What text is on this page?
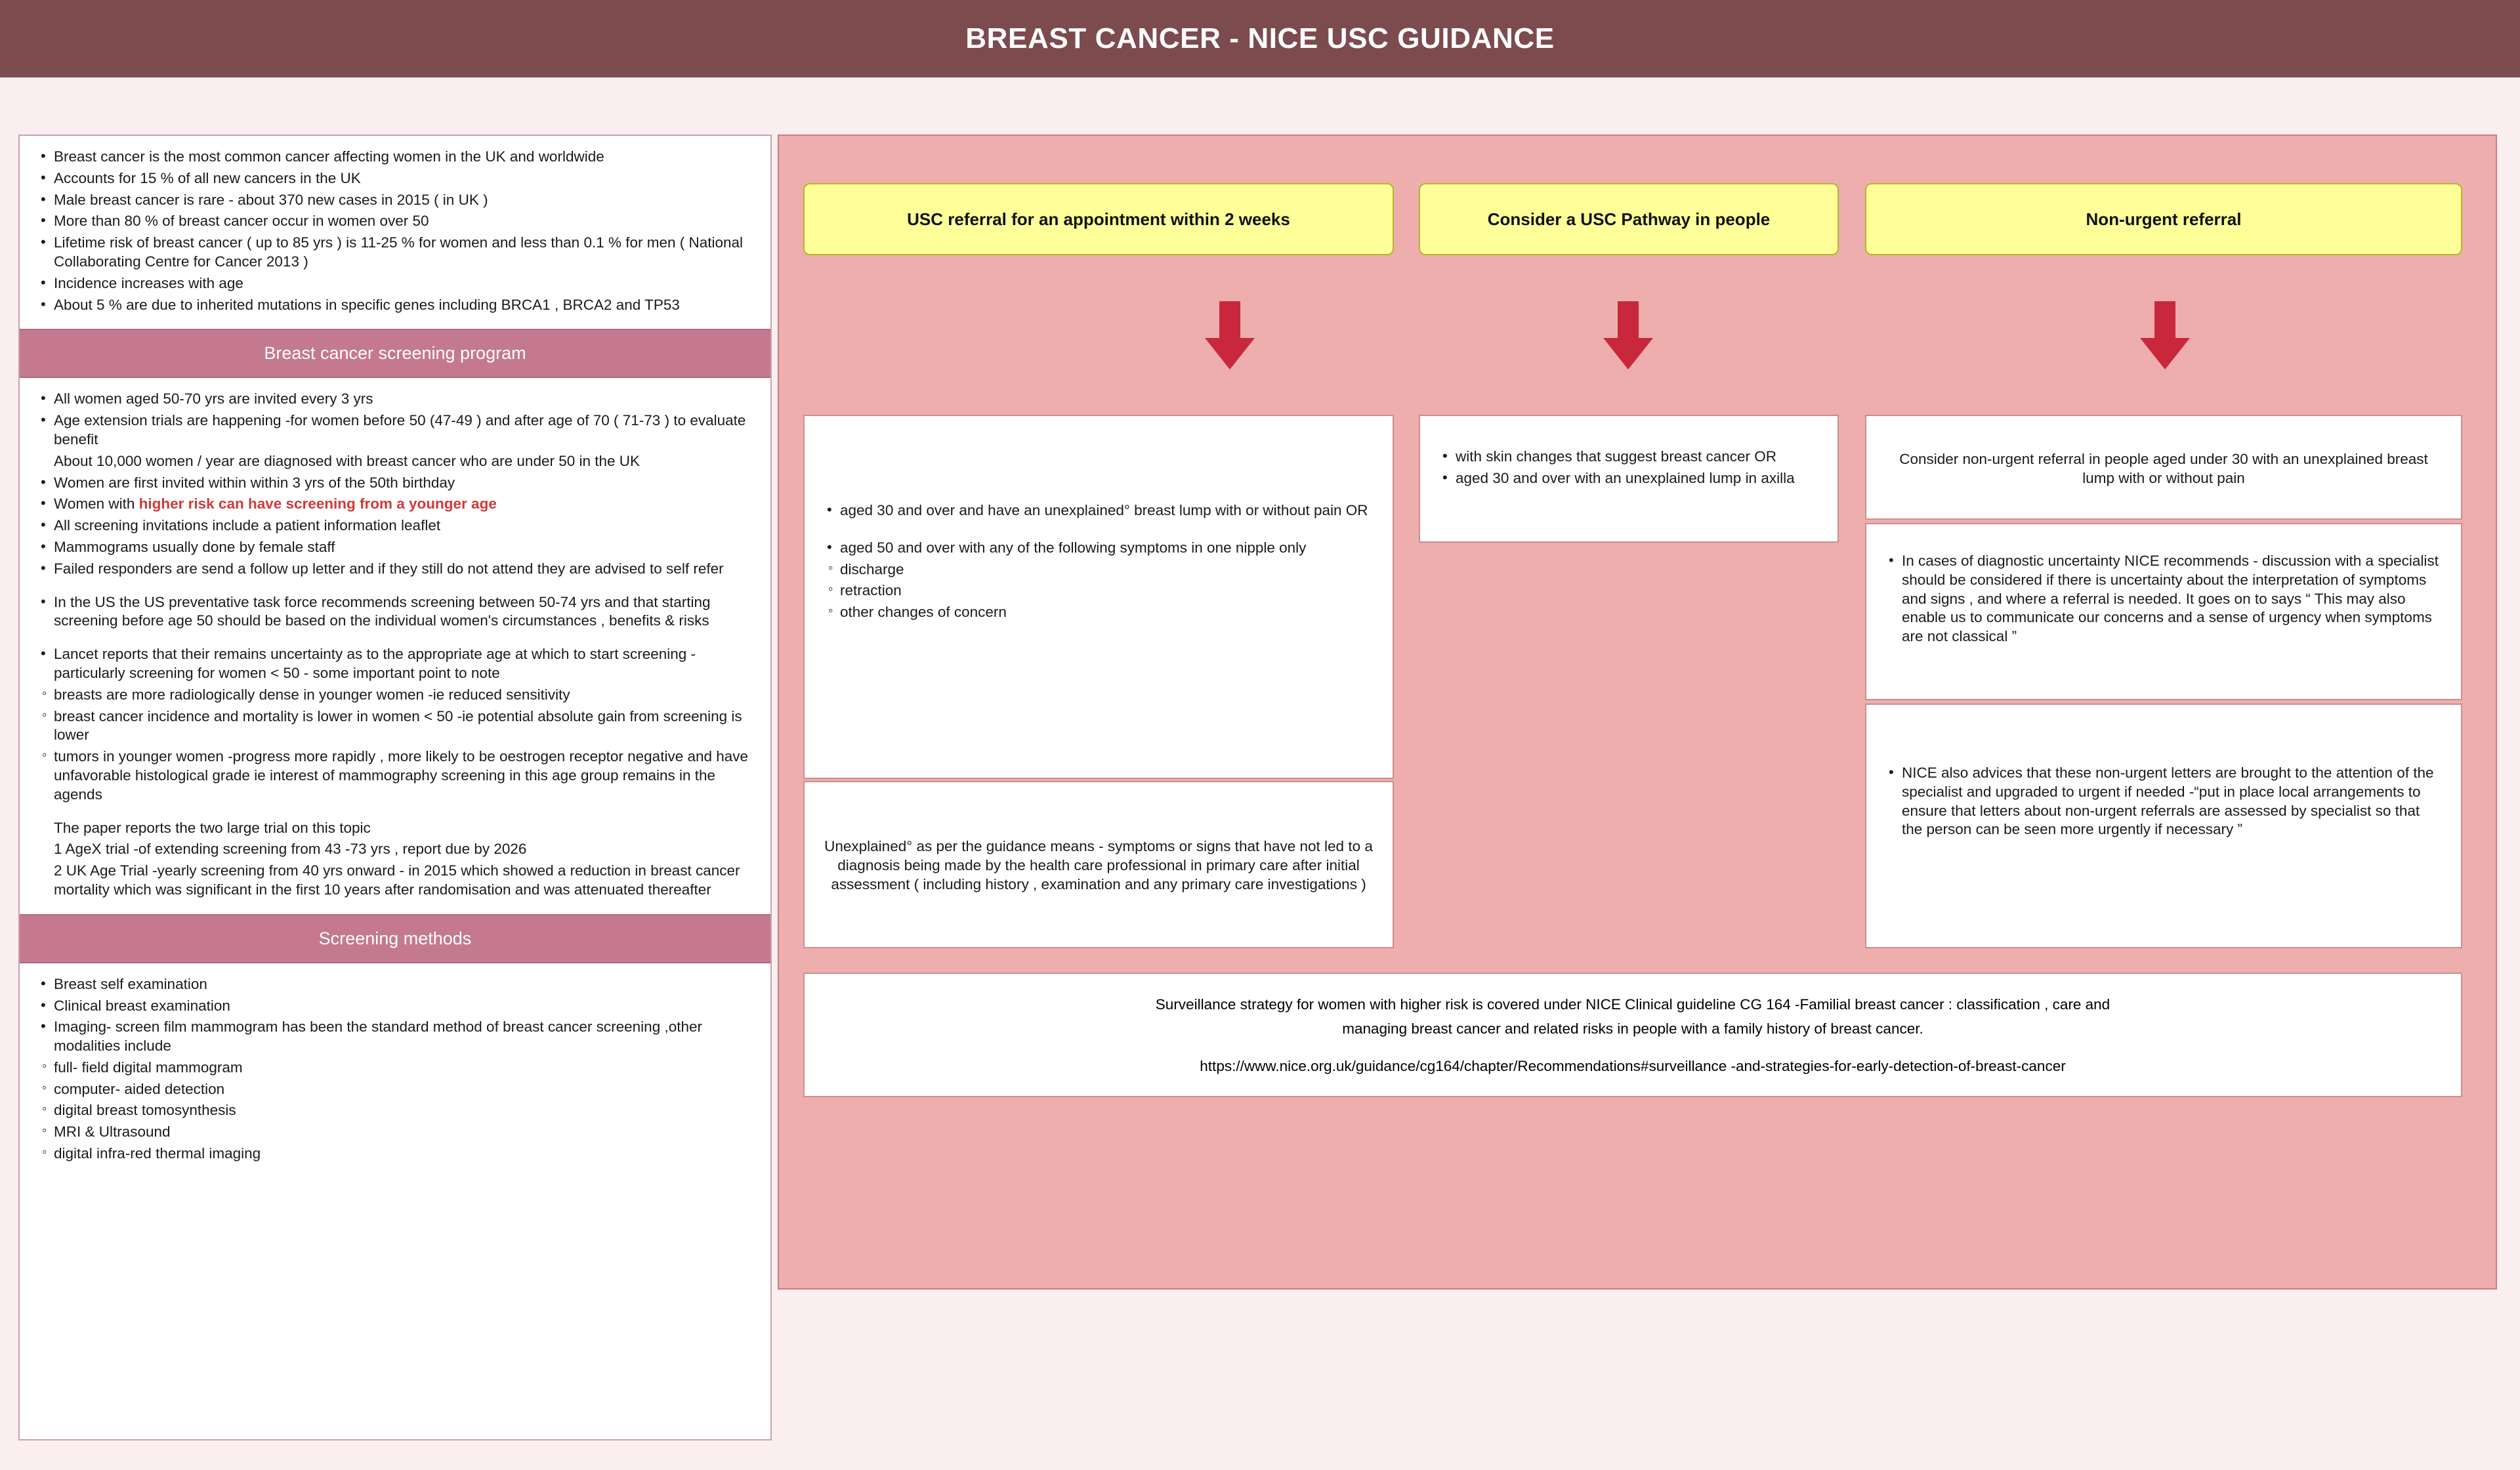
BREAST CANCER - NICE USC GUIDANCE
• Breast cancer is the most common cancer affecting women in the UK and worldwide
• Accounts for 15 % of all new cancers in the UK
• Male breast cancer is rare - about 370 new cases in 2015 ( in UK )
• More than 80 % of breast cancer occur in women over 50
• Lifetime risk of breast cancer ( up to 85 yrs ) is 11-25 % for women and less than 0.1 % for men ( National Collaborating Centre for Cancer 2013 )
• Incidence increases with age
• About 5 % are due to inherited mutations in specific genes including BRCA1 , BRCA2 and TP53
Breast cancer screening program
• All women aged 50-70 yrs are invited every 3 yrs
• Age extension trials are happening -for women before 50 (47-49 ) and after age of 70 ( 71-73 ) to evaluate benefit
About 10,000 women / year are diagnosed with breast cancer who are under 50 in the UK
• Women are first invited within within 3 yrs of the 50th birthday
• Women with higher risk can have screening from a younger age
• All screening invitations include a patient information leaflet
• Mammograms usually done by female staff
• Failed responders are send a follow up letter and if they still do not attend they are advised to self refer
• In the US the US preventative task force recommends screening between 50-74 yrs and that starting screening before age 50 should be based on the individual women's circumstances , benefits & risks
• Lancet reports that their remains uncertainty as to the appropriate age at which to start screening - particularly screening for women < 50 - some important point to note
◦ breasts are more radiologically dense in younger women -ie reduced sensitivity
◦ breast cancer incidence and mortality is lower in women < 50 -ie potential absolute gain from screening is lower
◦ tumors in younger women -progress more rapidly , more likely to be oestrogen receptor negative and have unfavorable histological grade ie interest of mammography screening in this age group remains in the agends
The paper reports the two large trial on this topic
1 AgeX trial -of extending screening from 43 -73 yrs , report due by 2026
2 UK Age Trial -yearly screening from 40 yrs onward - in 2015 which showed a reduction in breast cancer mortality which was significant in the first 10 years after randomisation and was attenuated thereafter
Screening methods
• Breast self examination
• Clinical breast examination
• Imaging- screen film mammogram has been the standard method of breast cancer screening ,other modalities include
◦ full- field digital mammogram
◦ computer- aided detection
◦ digital breast tomosynthesis
◦ MRI & Ultrasound
◦ digital infra-red thermal imaging
USC referral for an appointment within 2 weeks	Consider a USC Pathway in people	Non-urgent referral
• aged 30 and over and have an unexplained° breast lump with or without pain OR
• aged 50 and over with any of the following symptoms in one nipple only
◦ discharge
◦ retraction
◦ other changes of concern

Unexplained° as per the guidance means - symptoms or signs that have not led to a diagnosis being made by the health care professional in primary care after initial assessment ( including history , examination and any primary care investigations )

• with skin changes that suggest breast cancer OR
• aged 30 and over with an unexplained lump in axilla

Consider non-urgent referral in people aged under 30 with an unexplained breast lump with or without pain

• In cases of diagnostic uncertainty NICE recommends - discussion with a specialist should be considered if there is uncertainty about the interpretation of symptoms and signs , and where a referral is needed. It goes on to says “ This may also enable us to communicate our concerns and a sense of urgency when symptoms are not classical ”
• NICE also advices that these non-urgent letters are brought to the attention of the specialist and upgraded to urgent if needed -“put in place local arrangements to ensure that letters about non-urgent referrals are assessed by specialist so that the person can be seen more urgently if necessary ”

Surveillance strategy for women with higher risk is covered under NICE Clinical guideline CG 164 -Familial breast cancer : classification , care and

managing breast cancer and related risks in people with a family history of breast cancer.

https://www.nice.org.uk/guidance/cg164/chapter/Recommendations#surveillance -and-strategies-for-early-detection-of-breast-cancer
